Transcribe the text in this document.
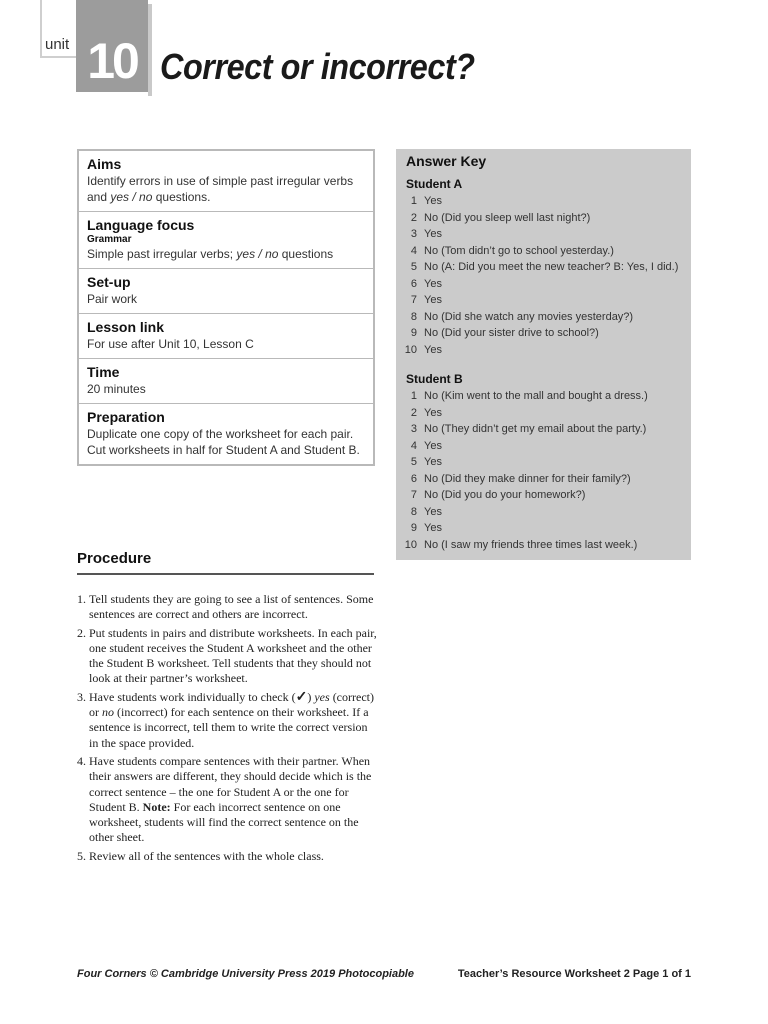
unit 10 Correct or incorrect?
Aims
Identify errors in use of simple past irregular verbs
and yes / no questions.
Language focus
Grammar
Simple past irregular verbs; yes / no questions
Set-up
Pair work
Lesson link
For use after Unit 10, Lesson C
Time
20 minutes
Preparation
Duplicate one copy of the worksheet for each pair.
Cut worksheets in half for Student A and Student B.
Procedure
1. Tell students they are going to see a list of sentences. Some sentences are correct and others are incorrect.
2. Put students in pairs and distribute worksheets. In each pair, one student receives the Student A worksheet and the other the Student B worksheet. Tell students that they should not look at their partner’s worksheet.
3. Have students work individually to check (✓) yes (correct) or no (incorrect) for each sentence on their worksheet. If a sentence is incorrect, tell them to write the correct version in the space provided.
4. Have students compare sentences with their partner. When their answers are different, they should decide which is the correct sentence – the one for Student A or the one for Student B. Note: For each incorrect sentence on one worksheet, students will find the correct sentence on the other sheet.
5. Review all of the sentences with the whole class.
Answer Key
Student A
1 Yes
2 No (Did you sleep well last night?)
3 Yes
4 No (Tom didn’t go to school yesterday.)
5 No (A: Did you meet the new teacher? B: Yes, I did.)
6 Yes
7 Yes
8 No (Did she watch any movies yesterday?)
9 No (Did your sister drive to school?)
10 Yes
Student B
1 No (Kim went to the mall and bought a dress.)
2 Yes
3 No (They didn’t get my email about the party.)
4 Yes
5 Yes
6 No (Did they make dinner for their family?)
7 No (Did you do your homework?)
8 Yes
9 Yes
10 No (I saw my friends three times last week.)
Four Corners © Cambridge University Press 2019 Photocopiable	Teacher’s Resource Worksheet 2 Page 1 of 1
